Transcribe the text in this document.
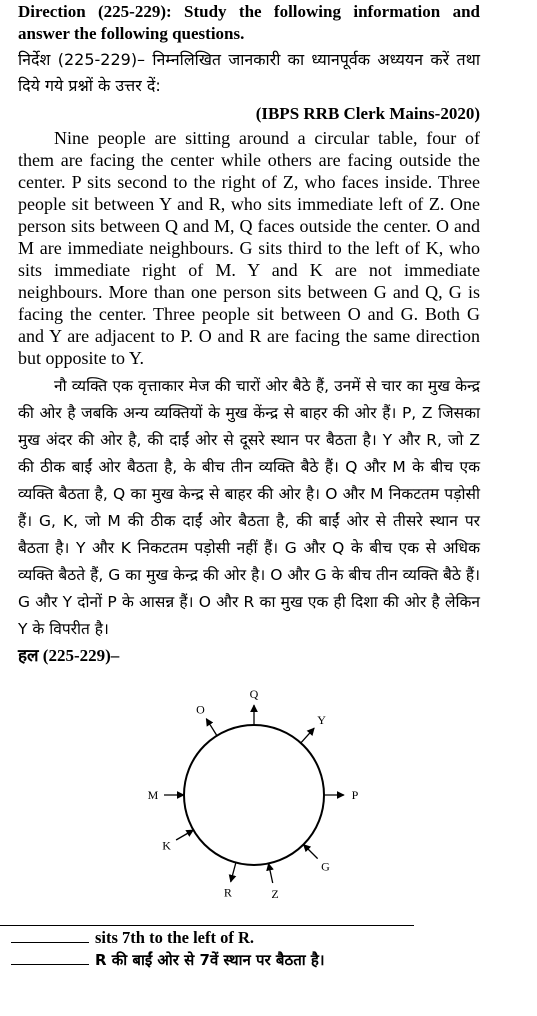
Direction (225-229): Study the following information and answer the following questions.
निर्देश (225-229)– निम्नलिखित जानकारी का ध्यानपूर्वक अध्ययन करें तथा दिये गये प्रश्नों के उत्तर दें:
(IBPS RRB Clerk Mains-2020)
Nine people are sitting around a circular table, four of them are facing the center while others are facing outside the center. P sits second to the right of Z, who faces inside. Three people sit between Y and R, who sits immediate left of Z. One person sits between Q and M, Q faces outside the center. O and M are immediate neighbours. G sits third to the left of K, who sits immediate right of M. Y and K are not immediate neighbours. More than one person sits between G and Q, G is facing the center. Three people sit between O and G. Both G and Y are adjacent to P. O and R are facing the same direction but opposite to Y.
नौ व्यक्ति एक वृत्ताकार मेज की चारों ओर बैठे हैं, उनमें से चार का मुख केन्द्र की ओर है जबकि अन्य व्यक्तियों के मुख केंन्द्र से बाहर की ओर हैं। P, Z जिसका मुख अंदर की ओर है, की दाईं ओर से दूसरे स्थान पर बैठता है। Y और R, जो Z की ठीक बाईं ओर बैठता है, के बीच तीन व्यक्ति बैठे हैं। Q और M के बीच एक व्यक्ति बैठता है, Q का मुख केन्द्र से बाहर की ओर है। O और M निकटतम पड़ोसी हैं। G, K, जो M की ठीक दाईं ओर बैठता है, की बाईं ओर से तीसरे स्थान पर बैठता है। Y और K निकटतम पड़ोसी नहीं हैं। G और Q के बीच एक से अधिक व्यक्ति बैठते हैं, G का मुख केन्द्र की ओर है। O और G के बीच तीन व्यक्ति बैठे हैं। G और Y दोनों P के आसन्न हैं। O और R का मुख एक ही दिशा की ओर है लेकिन Y के विपरीत है।
हल (225-229)–
Q
Y
P
G
Z
R
K
M
O
sits 7th to the left of R.
R की बाईं ओर से 7वें स्थान पर बैठता है।
